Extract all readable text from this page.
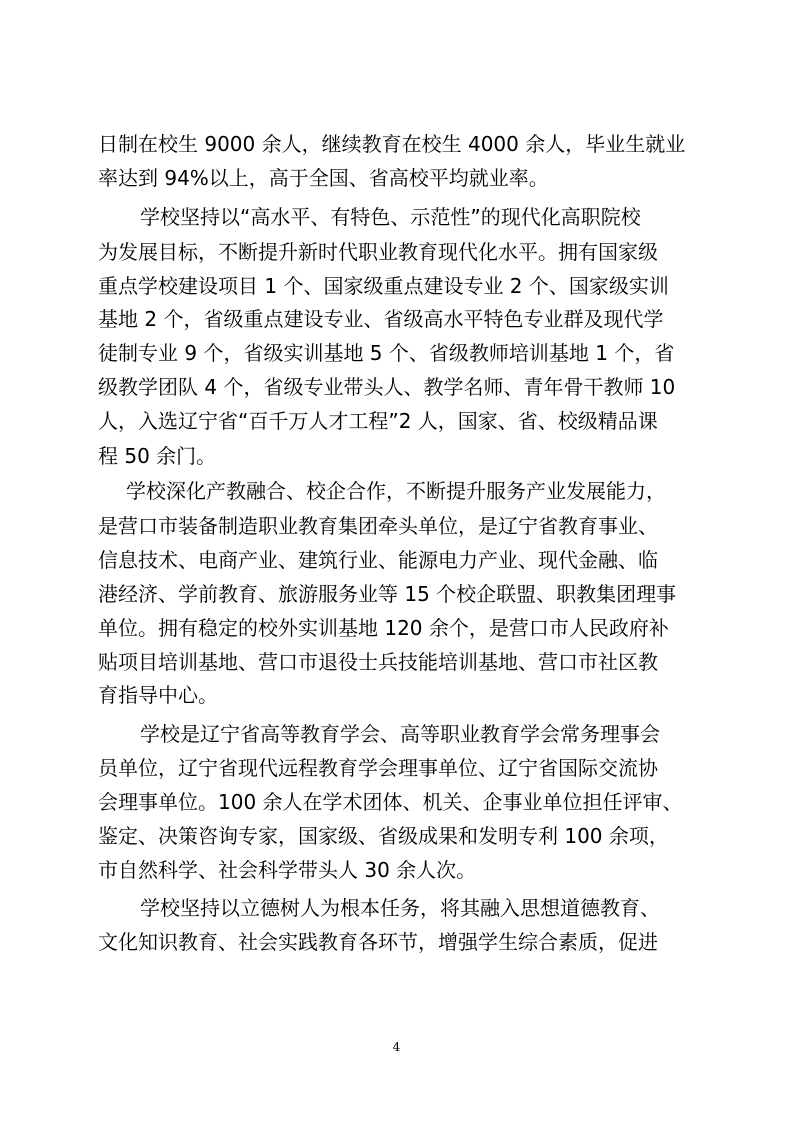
日制在校生 9000 余人，继续教育在校生 4000 余人，毕业生就业
率达到 94%以上，高于全国、省高校平均就业率。
学校坚持以“高水平、有特色、示范性”的现代化高职院校
为发展目标，不断提升新时代职业教育现代化水平。拥有国家级
重点学校建设项目 1 个、国家级重点建设专业 2 个、国家级实训
基地 2 个，省级重点建设专业、省级高水平特色专业群及现代学
徒制专业 9 个，省级实训基地 5 个、省级教师培训基地 1 个，省
级教学团队 4 个，省级专业带头人、教学名师、青年骨干教师 10
人，入选辽宁省“百千万人才工程”2 人，国家、省、校级精品课
程 50 余门。
学校深化产教融合、校企合作，不断提升服务产业发展能力，
是营口市装备制造职业教育集团牵头单位，是辽宁省教育事业、
信息技术、电商产业、建筑行业、能源电力产业、现代金融、临
港经济、学前教育、旅游服务业等 15 个校企联盟、职教集团理事
单位。拥有稳定的校外实训基地 120 余个，是营口市人民政府补
贴项目培训基地、营口市退役士兵技能培训基地、营口市社区教
育指导中心。
学校是辽宁省高等教育学会、高等职业教育学会常务理事会
员单位，辽宁省现代远程教育学会理事单位、辽宁省国际交流协
会理事单位。100 余人在学术团体、机关、企事业单位担任评审、
鉴定、决策咨询专家，国家级、省级成果和发明专利 100 余项，
市自然科学、社会科学带头人 30 余人次。
学校坚持以立德树人为根本任务，将其融入思想道德教育、
文化知识教育、社会实践教育各环节，增强学生综合素质，促进
4
